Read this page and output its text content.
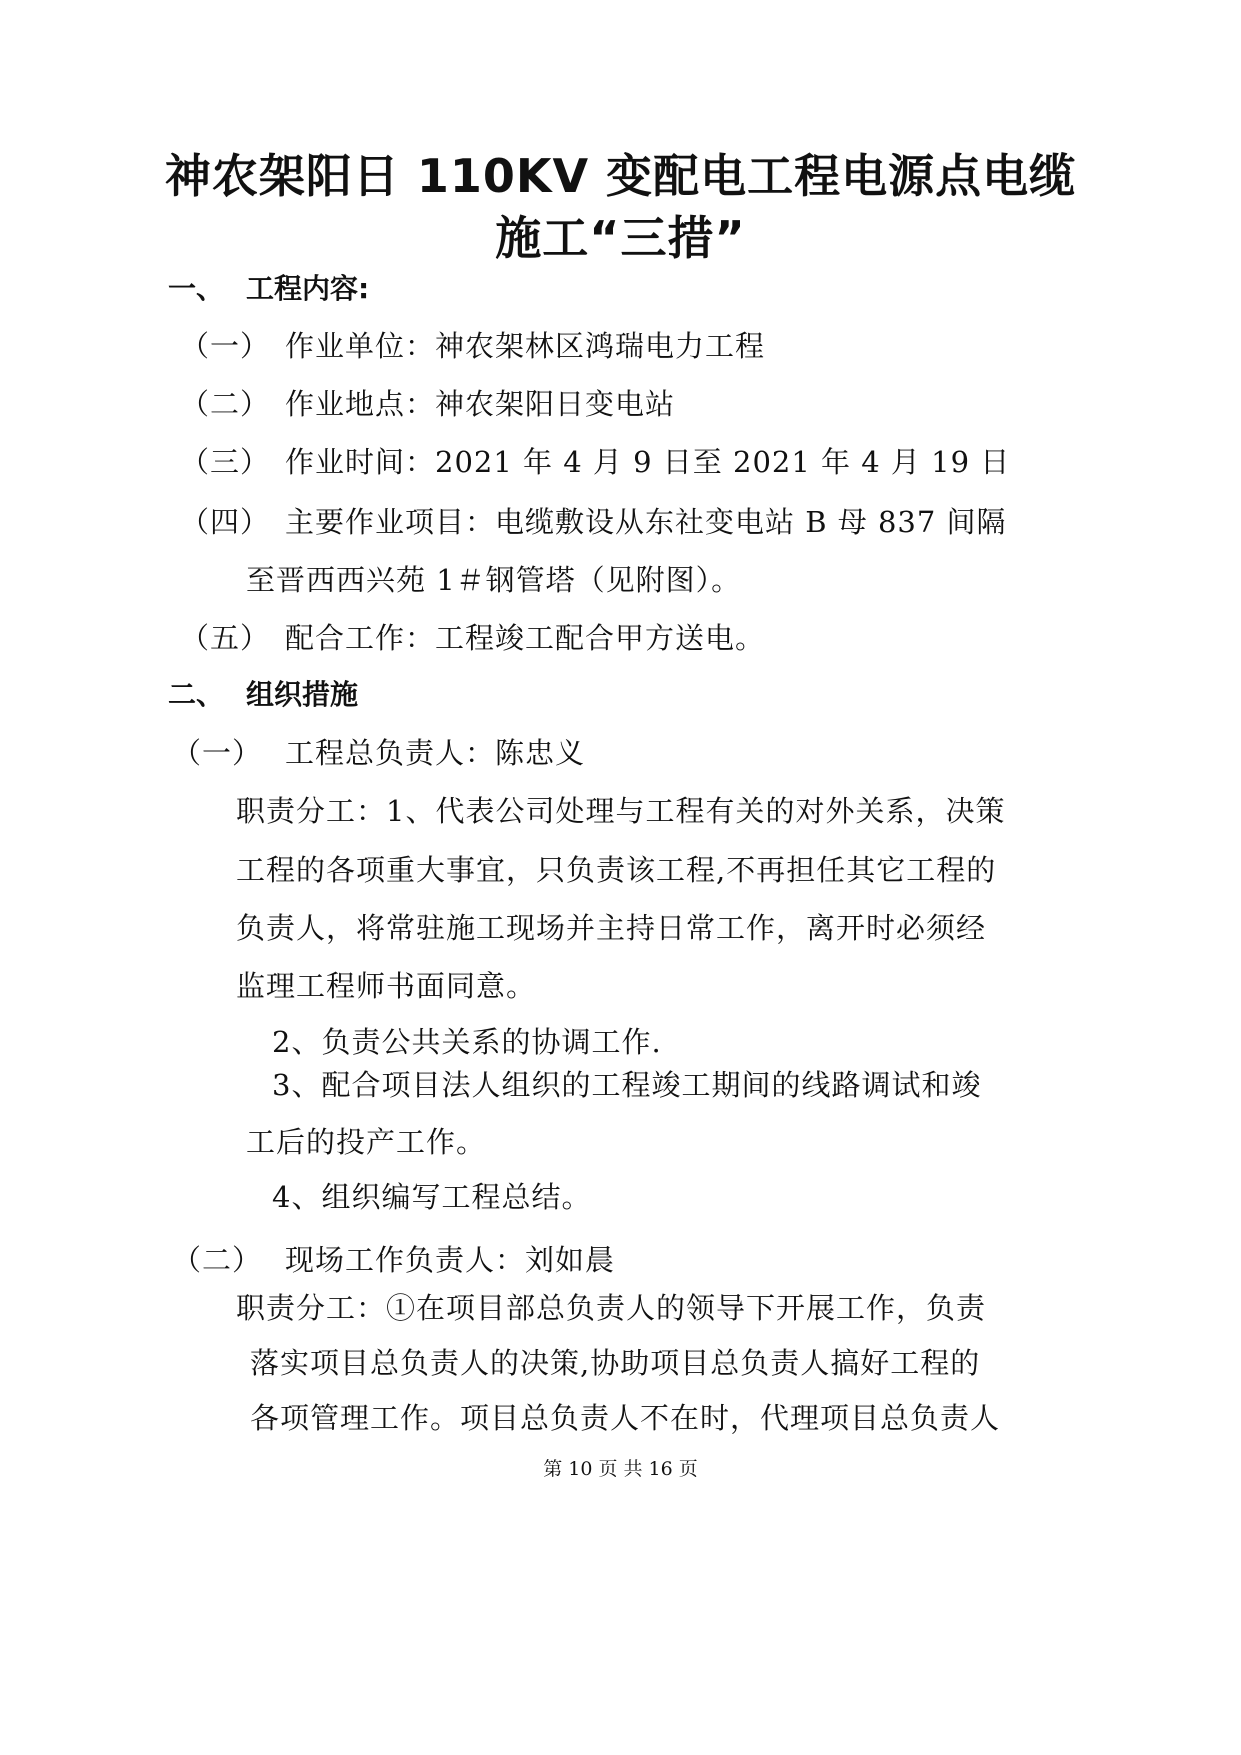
神农架阳日 110KV 变配电工程电源点电缆
施工“三措”
一、 工程内容:
（一） 作业单位：神农架林区鸿瑞电力工程
（二） 作业地点：神农架阳日变电站
（三） 作业时间：2021 年 4 月 9 日至 2021 年 4 月 19 日
（四） 主要作业项目：电缆敷设从东社变电站 B 母 837 间隔
至晋西西兴苑 1＃钢管塔（见附图）。
（五） 配合工作：工程竣工配合甲方送电。
二、 组织措施
（一） 工程总负责人：陈忠义
职责分工：1、代表公司处理与工程有关的对外关系，决策
工程的各项重大事宜，只负责该工程,不再担任其它工程的
负责人，将常驻施工现场并主持日常工作，离开时必须经
监理工程师书面同意。
2、负责公共关系的协调工作.
3、配合项目法人组织的工程竣工期间的线路调试和竣
工后的投产工作。
4、组织编写工程总结。
（二） 现场工作负责人：刘如晨
职责分工：①在项目部总负责人的领导下开展工作，负责
落实项目总负责人的决策,协助项目总负责人搞好工程的
各项管理工作。项目总负责人不在时，代理项目总负责人
第 10 页 共 16 页
